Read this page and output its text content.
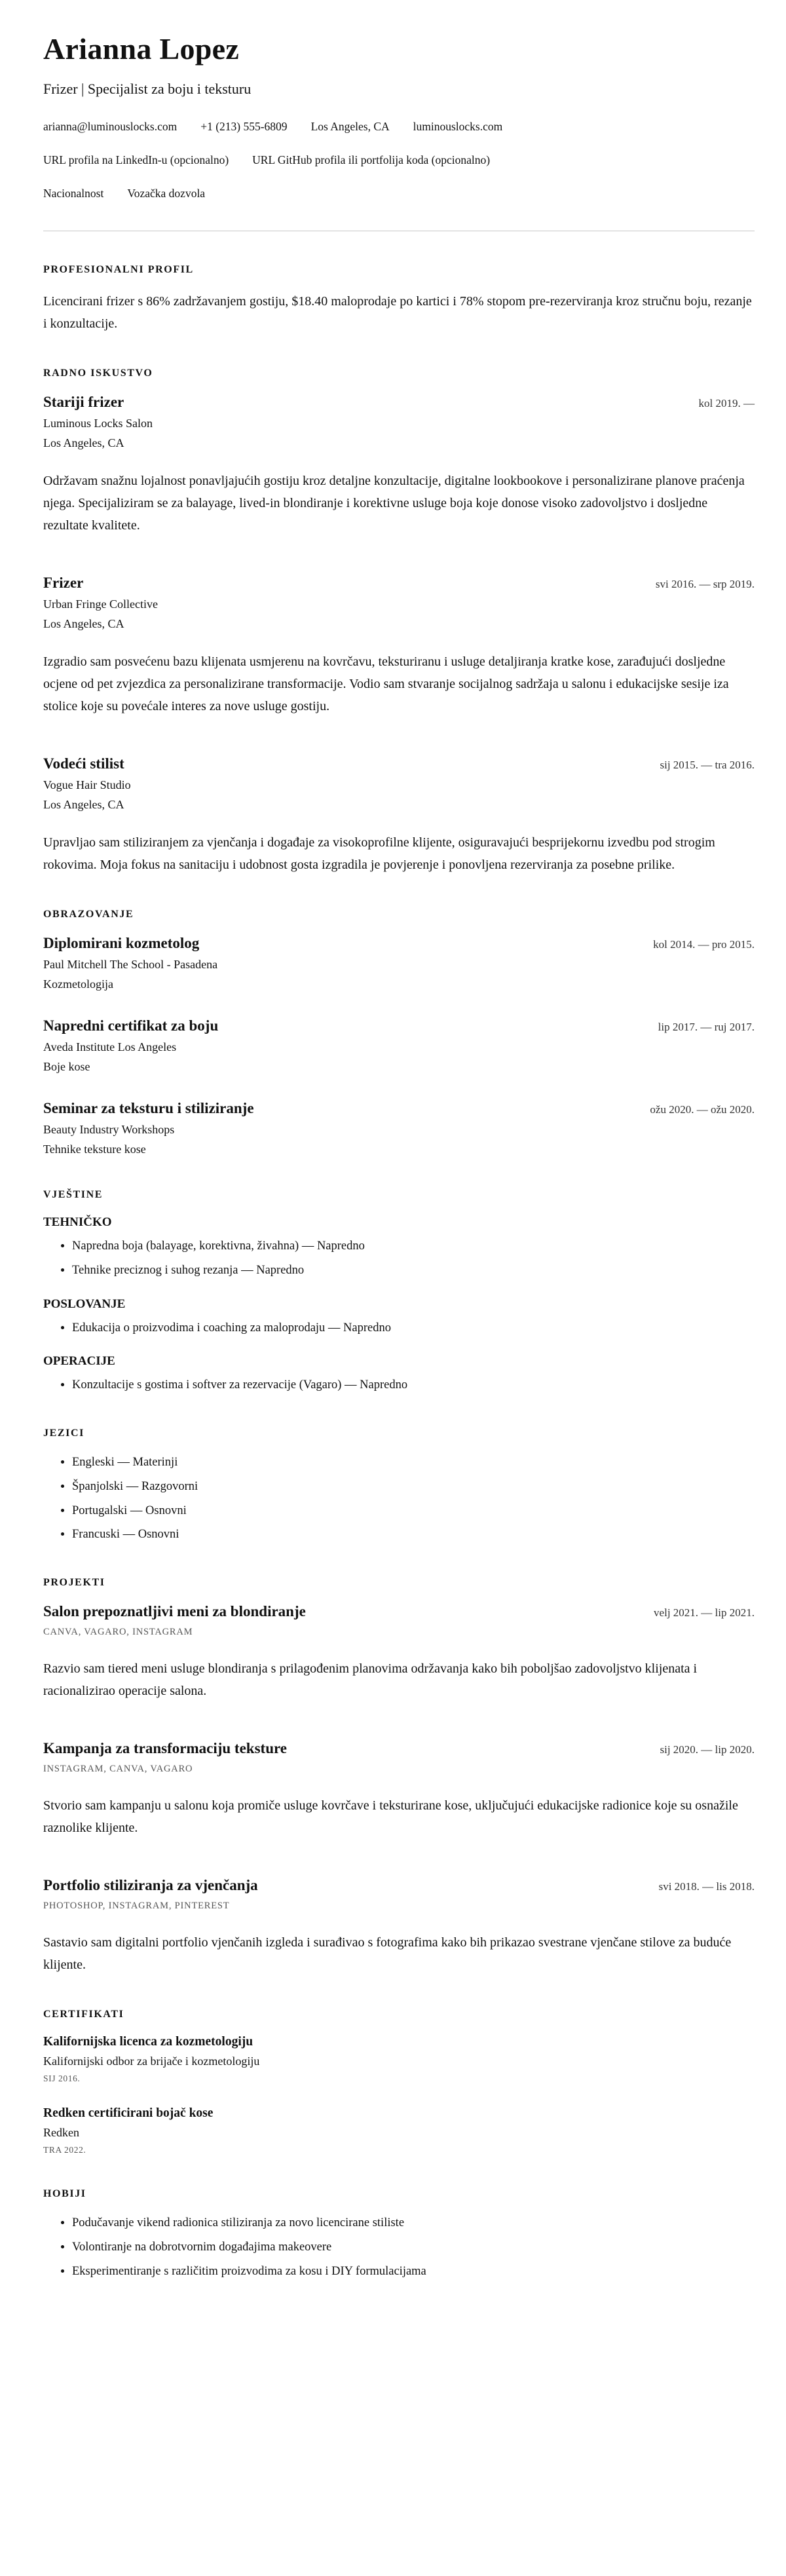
Arianna Lopez
Frizer | Specijalist za boju i teksturu
arianna@luminouslocks.com +1 (213) 555-6809 Los Angeles, CA luminouslocks.com
URL profila na LinkedIn-u (opcionalno) URL GitHub profila ili portfolija koda (opcionalno)
Nacionalnost Vozačka dozvola
PROFESIONALNI PROFIL

Licencirani frizer s 86% zadržavanjem gostiju, $18.40 maloprodaje po kartici i 78% stopom pre-rezerviranja kroz stručnu boju, rezanje i konzultacije.

RADNO ISKUSTVO
Stariji frizer	kol 2019. —
Luminous Locks Salon
Los Angeles, CA

Održavam snažnu lojalnost ponavljajućih gostiju kroz detaljne konzultacije, digitalne lookbookove i personalizirane planove praćenja njega. Specijaliziram se za balayage, lived-in blondiranje i korektivne usluge boja koje donose visoko zadovoljstvo i dosljedne rezultate kvalitete.

Frizer	svi 2016. — srp 2019.
Urban Fringe Collective
Los Angeles, CA

Izgradio sam posvećenu bazu klijenata usmjerenu na kovrčavu, teksturiranu i usluge detaljiranja kratke kose, zarađujući dosljedne ocjene od pet zvjezdica za personalizirane transformacije. Vodio sam stvaranje socijalnog sadržaja u salonu i edukacijske sesije iza stolice koje su povećale interes za nove usluge gostiju.

Vodeći stilist	sij 2015. — tra 2016.
Vogue Hair Studio
Los Angeles, CA

Upravljao sam stiliziranjem za vjenčanja i događaje za visokoprofilne klijente, osiguravajući besprijekornu izvedbu pod strogim rokovima. Moja fokus na sanitaciju i udobnost gosta izgradila je povjerenje i ponovljena rezerviranja za posebne prilike.

OBRAZOVANJE
Diplomirani kozmetolog	kol 2014. — pro 2015.
Paul Mitchell The School - Pasadena
Kozmetologija
Napredni certifikat za boju	lip 2017. — ruj 2017.
Aveda Institute Los Angeles
Boje kose
Seminar za teksturu i stiliziranje	ožu 2020. — ožu 2020.
Beauty Industry Workshops
Tehnike teksture kose
VJEŠTINE
TEHNIČKO
• Napredna boja (balayage, korektivna, živahna) — Napredno
• Tehnike preciznog i suhog rezanja — Napredno
POSLOVANJE
• Edukacija o proizvodima i coaching za maloprodaju — Napredno
OPERACIJE
• Konzultacije s gostima i softver za rezervacije (Vagaro) — Napredno
JEZICI
• Engleski — Materinji
• Španjolski — Razgovorni
• Portugalski — Osnovni
• Francuski — Osnovni
PROJEKTI
Salon prepoznatljivi meni za blondiranje	velj 2021. — lip 2021.
CANVA, VAGARO, INSTAGRAM

Razvio sam tiered meni usluge blondiranja s prilagođenim planovima održavanja kako bih poboljšao zadovoljstvo klijenata i racionalizirao operacije salona.

Kampanja za transformaciju teksture	sij 2020. — lip 2020.
INSTAGRAM, CANVA, VAGARO

Stvorio sam kampanju u salonu koja promiče usluge kovrčave i teksturirane kose, uključujući edukacijske radionice koje su osnažile raznolike klijente.

Portfolio stiliziranja za vjenčanja	svi 2018. — lis 2018.
PHOTOSHOP, INSTAGRAM, PINTEREST

Sastavio sam digitalni portfolio vjenčanih izgleda i surađivao s fotografima kako bih prikazao svestrane vjenčane stilove za buduće klijente.

CERTIFIKATI
Kalifornijska licenca za kozmetologiju
Kalifornijski odbor za brijače i kozmetologiju
SIJ 2016.
Redken certificirani bojač kose
Redken
TRA 2022.
HOBIJI
• Podučavanje vikend radionica stiliziranja za novo licencirane stiliste
• Volontiranje na dobrotvornim događajima makeovere
• Eksperimentiranje s različitim proizvodima za kosu i DIY formulacijama
